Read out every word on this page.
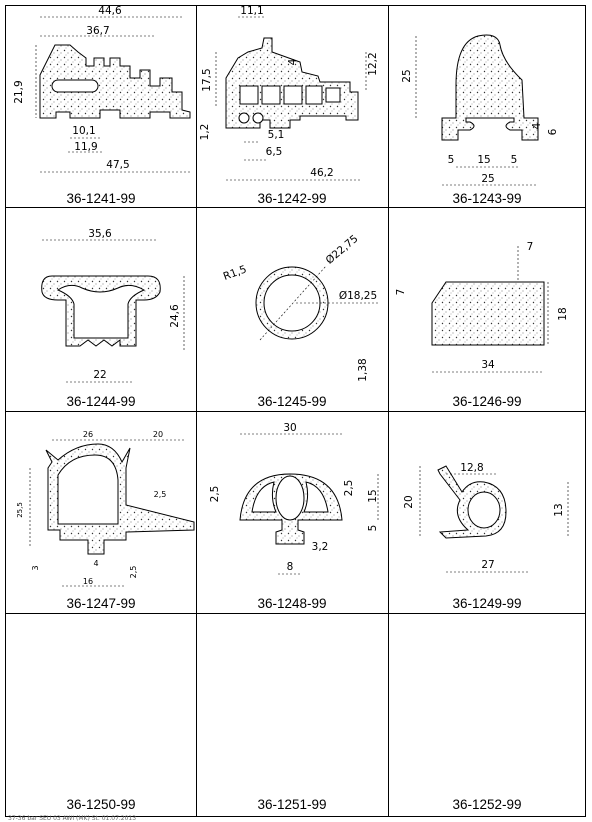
44,6
36,7
21,9
10,1
11,9
47,5
11,1
17,5
4	12,2
1,2	5,1
6,5
46,2
25
4
6
5 15 5
25
35,6
24,6
22
R1,5
Ø22,75
Ø18,25
1,38
7
7
18
34
26	20
25,5
2,5
3	4
16
2,5
30
2,5	2,5 15
5
3,2
8
12,8
20
13
27
36-1241-99	36-1242-99	36-1243-99
36-1244-99	36-1245-99	36-1246-99
36-1247-99	36-1248-99	36-1249-99
36-1250-99	36-1251-99	36-1252-99
37-36 bar SEU 03 AWI (MK) St. 01.07.2013
